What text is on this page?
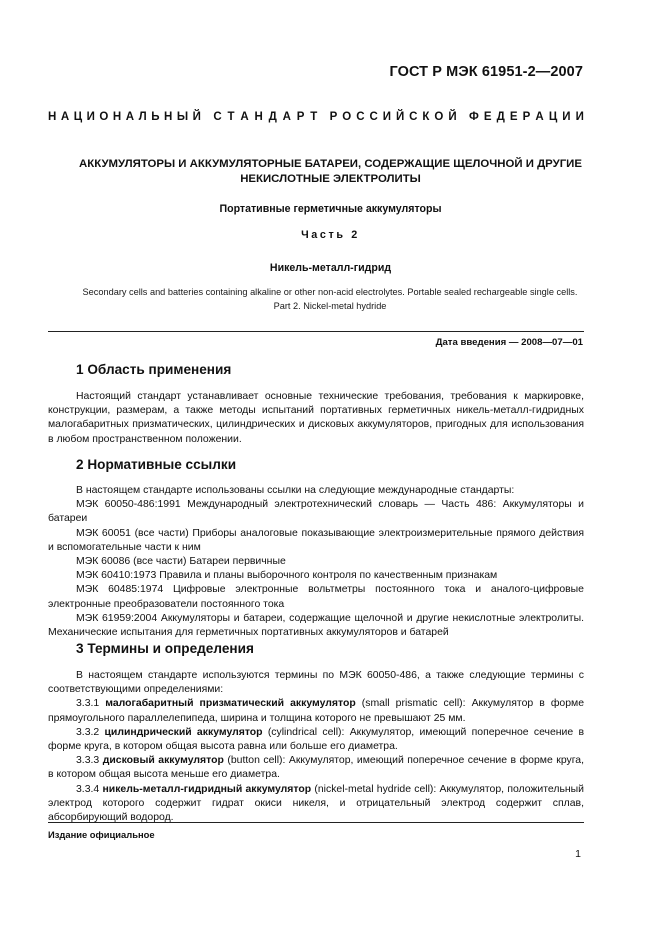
ГОСТ Р МЭК 61951-2—2007
Н А Ц И О Н А Л Ь Н Ы Й С Т А Н Д А Р Т Р О С С И Й С К О Й Ф Е Д Е Р А Ц И И
АККУМУЛЯТОРЫ И АККУМУЛЯТОРНЫЕ БАТАРЕИ, СОДЕРЖАЩИЕ ЩЕЛОЧНОЙ И ДРУГИЕ
НЕКИСЛОТНЫЕ ЭЛЕКТРОЛИТЫ
Портативные герметичные аккумуляторы
Часть 2
Никель-металл-гидрид
Secondary cells and batteries containing alkaline or other non-acid electrolytes. Portable sealed rechargeable single cells.
Part 2. Nickel-metal hydride
Дата введения — 2008—07—01
1 Область применения

Настоящий стандарт устанавливает основные технические требования, требования к маркировке, конструкции, размерам, а также методы испытаний портативных герметичных никель-металл-гидридных малогабаритных призматических, цилиндрических и дисковых аккумуляторов, пригодных для использования в любом пространственном положении.

2 Нормативные ссылки

В настоящем стандарте использованы ссылки на следующие международные стандарты:

МЭК 60050-486:1991 Международный электротехнический словарь — Часть 486: Аккумуляторы и батареи

МЭК 60051 (все части) Приборы аналоговые показывающие электроизмерительные прямого действия и вспомогательные части к ним

МЭК 60086 (все части) Батареи первичные

МЭК 60410:1973 Правила и планы выборочного контроля по качественным признакам

МЭК 60485:1974 Цифровые электронные вольтметры постоянного тока и аналого-цифровые электронные преобразователи постоянного тока

МЭК 61959:2004 Аккумуляторы и батареи, содержащие щелочной и другие некислотные электролиты. Механические испытания для герметичных портативных аккумуляторов и батарей

3 Термины и определения

В настоящем стандарте используются термины по МЭК 60050-486, а также следующие термины с соответствующими определениями:

3.3.1 малогабаритный призматический аккумулятор (small prismatic cell): Аккумулятор в форме прямоугольного параллелепипеда, ширина и толщина которого не превышают 25 мм.

3.3.2 цилиндрический аккумулятор (cylindrical cell): Аккумулятор, имеющий поперечное сечение в форме круга, в котором общая высота равна или больше его диаметра.

3.3.3 дисковый аккумулятор (button cell): Аккумулятор, имеющий поперечное сечение в форме круга, в котором общая высота меньше его диаметра.

3.3.4 никель-металл-гидридный аккумулятор (nickel-metal hydride cell): Аккумулятор, положительный электрод которого содержит гидрат окиси никеля, и отрицательный электрод содержит сплав, абсорбирующий водород.

Издание официальное
1
